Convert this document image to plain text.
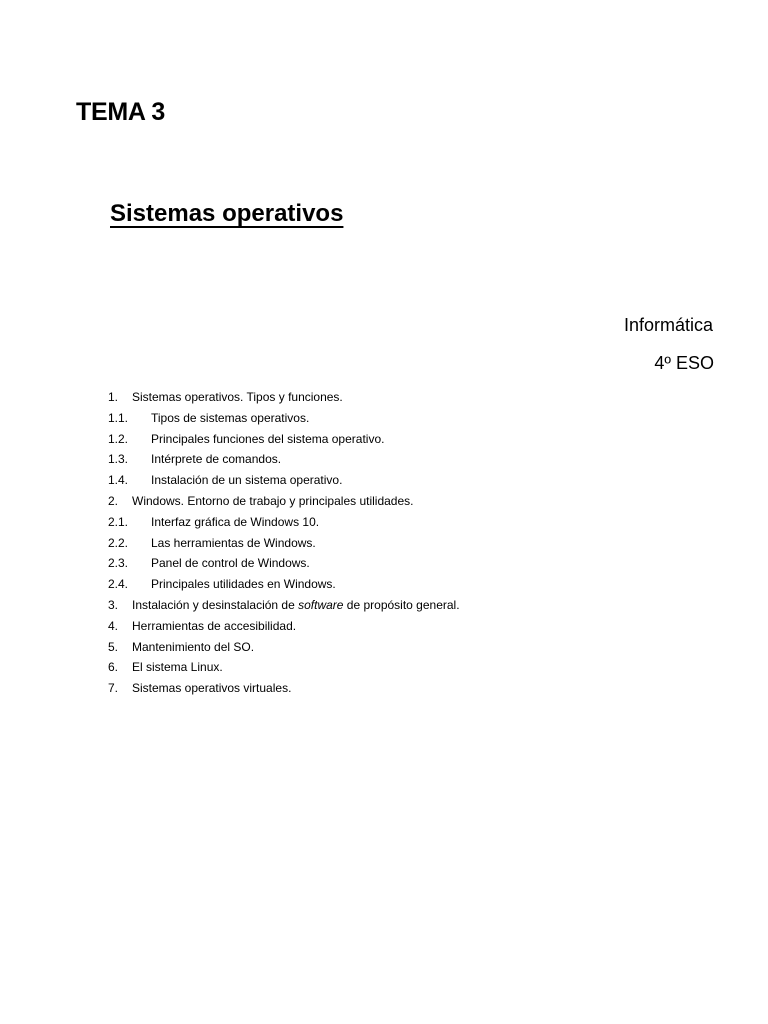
TEMA 3
Sistemas operativos
Informática
4º ESO
1. Sistemas operativos. Tipos y funciones.
1.1. Tipos de sistemas operativos.
1.2. Principales funciones del sistema operativo.
1.3. Intérprete de comandos.
1.4. Instalación de un sistema operativo.
2. Windows. Entorno de trabajo y principales utilidades.
2.1. Interfaz gráfica de Windows 10.
2.2. Las herramientas de Windows.
2.3. Panel de control de Windows.
2.4. Principales utilidades en Windows.
3. Instalación y desinstalación de software de propósito general.
4. Herramientas de accesibilidad.
5. Mantenimiento del SO.
6. El sistema Linux.
7. Sistemas operativos virtuales.
